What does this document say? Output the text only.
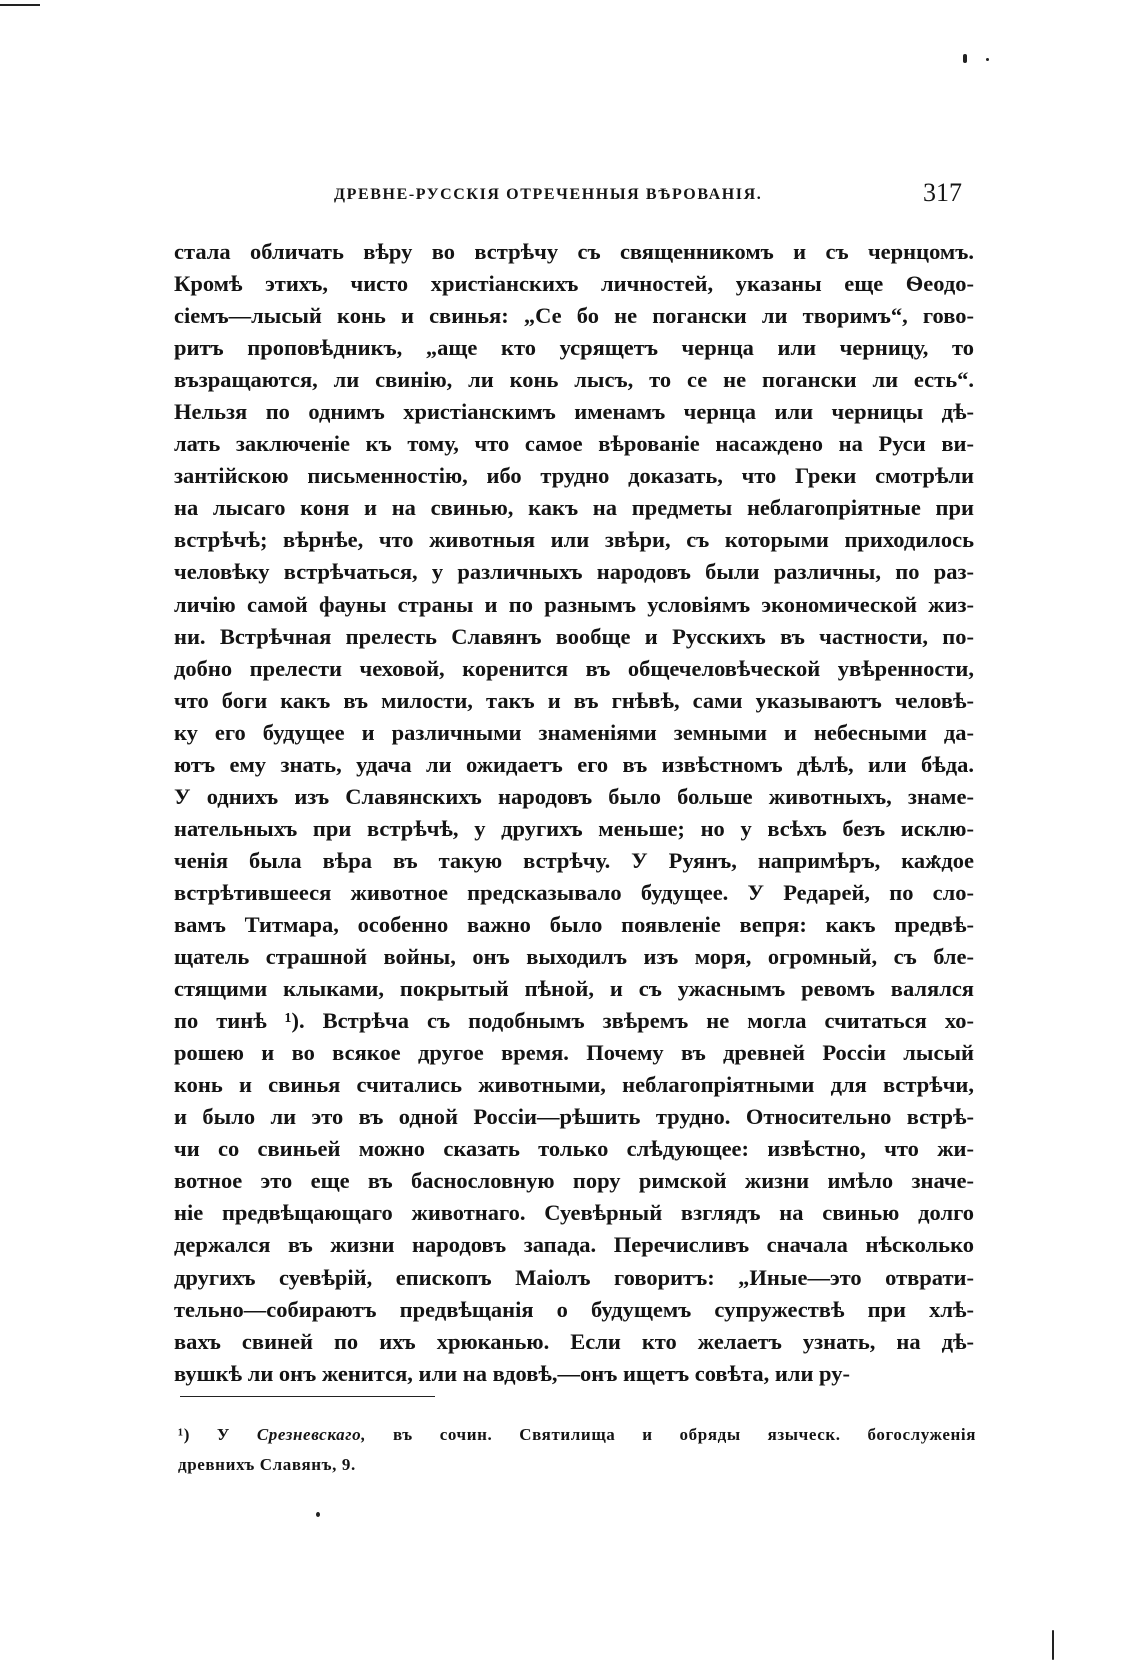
ДРЕВНЕ-РУССКІЯ ОТРЕЧЕННЫЯ ВѢРОВАНІЯ.	317
стала обличать вѣру во встрѣчу съ священникомъ и съ чернцомъ.
Кромѣ этихъ, чисто христіанскихъ личностей, указаны еще Ѳеодо-
сіемъ—лысый конь и свинья: „Се бо не погански ли творимъ“, гово-
ритъ проповѣдникъ, „аще кто усрящетъ чернца или черницу, то
възращаются, ли свинію, ли конь лысъ, то се не погански ли есть“.
Нельзя по однимъ христіанскимъ именамъ чернца или черницы дѣ-
лать заключеніе къ тому, что самое вѣрованіе насаждено на Руси ви-
зантійскою письменностію, ибо трудно доказать, что Греки смотрѣли
на лысаго коня и на свинью, какъ на предметы неблагопріятные при
встрѣчѣ; вѣрнѣе, что животныя или звѣри, съ которыми приходилось
человѣку встрѣчаться, у различныхъ народовъ были различны, по раз-
личію самой фауны страны и по разнымъ условіямъ экономической жиз-
ни. Встрѣчная прелесть Славянъ вообще и Русскихъ въ частности, по-
добно прелести чеховой, коренится въ общечеловѣческой увѣренности,
что боги какъ въ милости, такъ и въ гнѣвѣ, сами указываютъ человѣ-
ку его будущее и различными знаменіями земными и небесными да-
ютъ ему знать, удача ли ожидаетъ его въ извѣстномъ дѣлѣ, или бѣда.
У однихъ изъ Славянскихъ народовъ было больше животныхъ, знаме-
нательныхъ при встрѣчѣ, у другихъ меньше; но у всѣхъ безъ исклю-
ченія была вѣра въ такую встрѣчу. У Руянъ, напримѣръ, каждое
встрѣтившееся животное предсказывало будущее. У Редарей, по сло-
вамъ Титмара, особенно важно было появленіе вепря: какъ предвѣ-
щатель страшной войны, онъ выходилъ изъ моря, огромный, съ бле-
стящими клыками, покрытый пѣной, и съ ужаснымъ ревомъ валялся
по тинѣ ¹). Встрѣча съ подобнымъ звѣремъ не могла считаться хо-
рошею и во всякое другое время. Почему въ древней Россіи лысый
конь и свинья считались животными, неблагопріятными для встрѣчи,
и было ли это въ одной Россіи—рѣшить трудно. Относительно встрѣ-
чи со свиньей можно сказать только слѣдующее: извѣстно, что жи-
вотное это еще въ баснословную пору римской жизни имѣло значе-
ніе предвѣщающаго животнаго. Суевѣрный взглядъ на свинью долго
держался въ жизни народовъ запада. Перечисливъ сначала нѣсколько
другихъ суевѣрій, епископъ Маіолъ говоритъ: „Иные—это отврати-
тельно—собираютъ предвѣщанія о будущемъ супружествѣ при хлѣ-
вахъ свиней по ихъ хрюканью. Если кто желаетъ узнать, на дѣ-
вушкѣ ли онъ женится, или на вдовѣ,—онъ ищетъ совѣта, или ру-
¹) У Срезневскаго, въ сочин. Святилища и обряды языческ. богослуженія
древнихъ Славянъ, 9.
